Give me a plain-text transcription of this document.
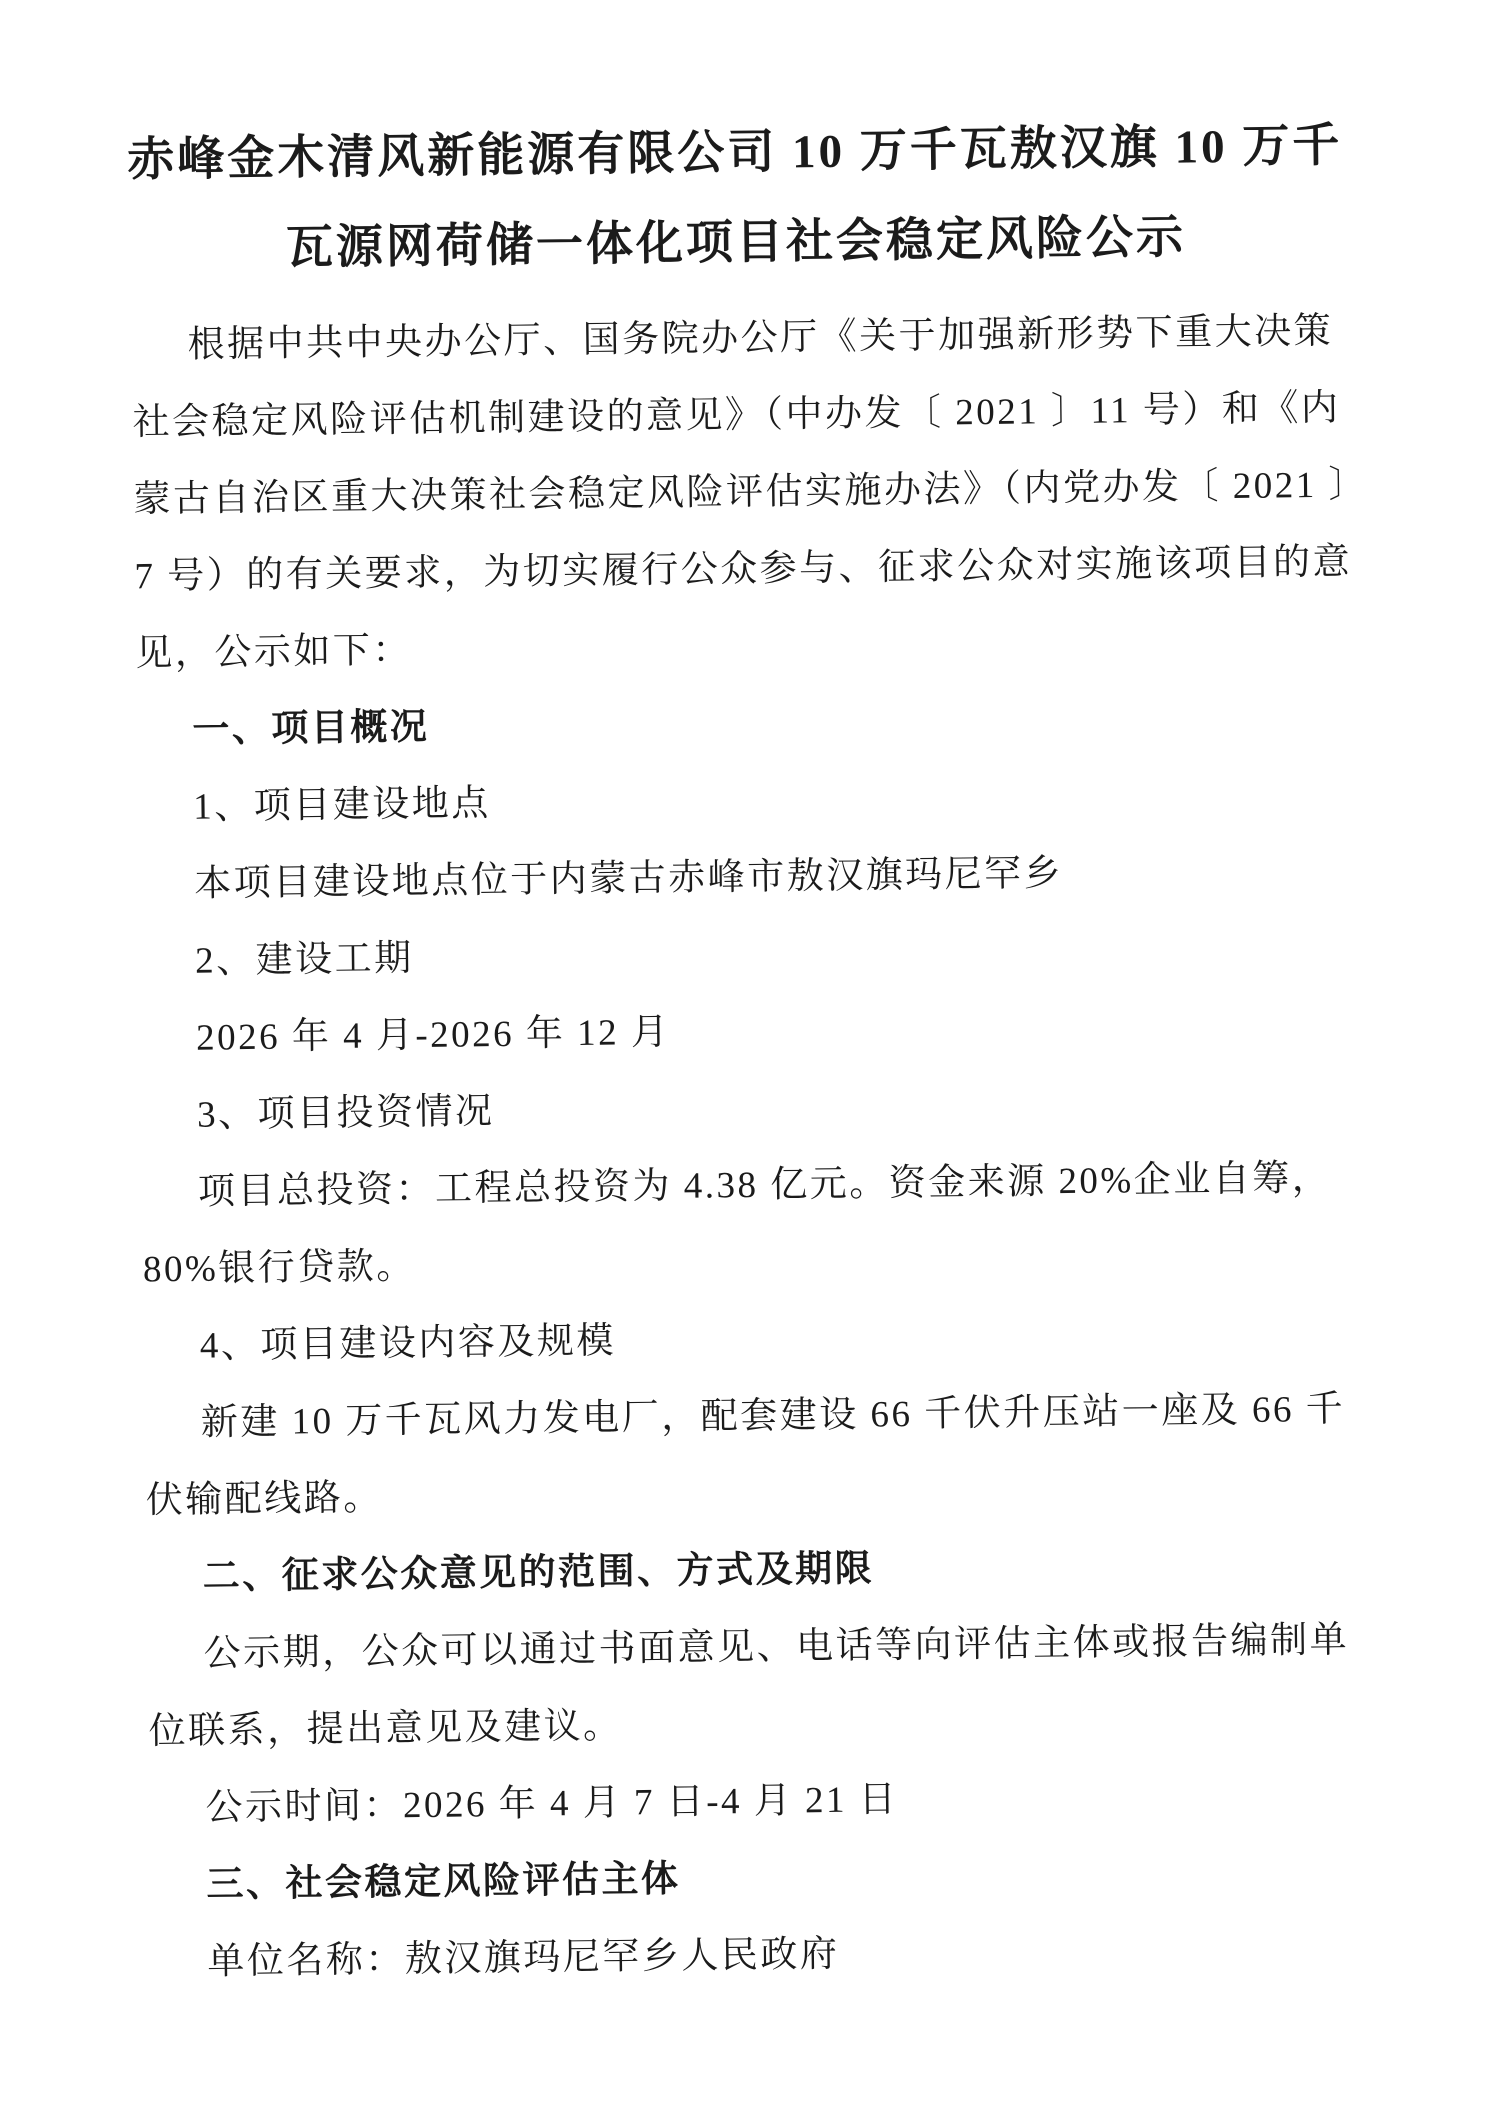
赤峰金木清风新能源有限公司 10 万千瓦敖汉旗 10 万千
瓦源网荷储一体化项目社会稳定风险公示
根据中共中央办公厅、国务院办公厅《关于加强新形势下重大决策
社会稳定风险评估机制建设的意见》（中办发〔 2021 〕11 号）和《内
蒙古自治区重大决策社会稳定风险评估实施办法》（内党办发〔 2021 〕
7 号）的有关要求，为切实履行公众参与、征求公众对实施该项目的意
见，公示如下：
一、项目概况
1、项目建设地点
本项目建设地点位于内蒙古赤峰市敖汉旗玛尼罕乡
2、建设工期
2026 年 4 月-2026 年 12 月
3、项目投资情况
项目总投资：工程总投资为 4.38 亿元。资金来源 20%企业自筹，
80%银行贷款。
4、项目建设内容及规模
新建 10 万千瓦风力发电厂，配套建设 66 千伏升压站一座及 66 千
伏输配线路。
二、征求公众意见的范围、方式及期限
公示期，公众可以通过书面意见、电话等向评估主体或报告编制单
位联系，提出意见及建议。
公示时间：2026 年 4 月 7 日-4 月 21 日
三、社会稳定风险评估主体
单位名称：敖汉旗玛尼罕乡人民政府
